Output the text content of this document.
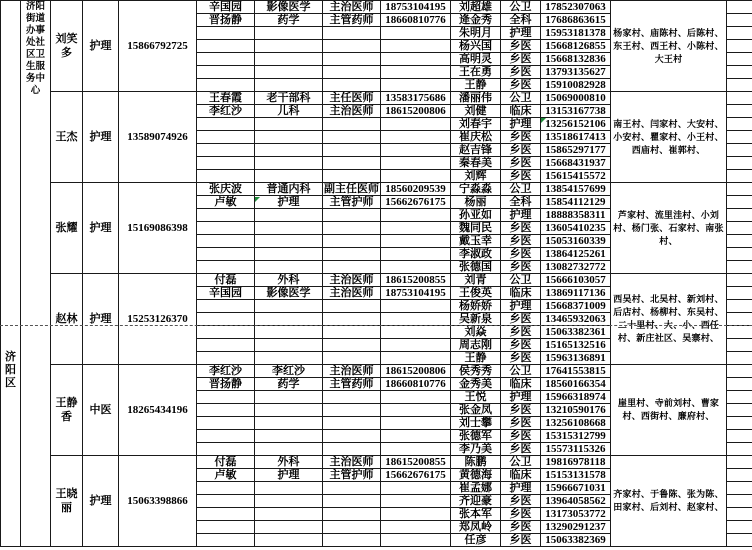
济阳区	济阳街道办事处社区卫生服务中心	刘笑多	护理	15866792725	辛国园	影像医学	主治医师	18753104195	刘超雄	公卫	17852307063	杨家村、庙陈村、后陈村、东王村、西王村、小陈村、大王村	
					晋扬静	药学	主管药师	18660810776	逄金秀	全科	17686863615		
									朱明月	护理	15953181378		
									杨兴国	乡医	15668126855		
									高明灵	乡医	15668132836		
									王在勇	乡医	13793135627		
									王静	乡医	15910082928		
		王杰	护理	13589074926	王春霞	老干部科	主任医师	13583175686	潘丽伟	公卫	15069000810	南王村、闫家村、大安村、小安村、瞿家村、小王村、西庙村、崔郭村、	
					李红沙	儿科	主治医师	18615200806	刘健	临床	13153167738		
									刘春宇	护理	13256152106		
									崔庆松	乡医	13518617413		
									赵吉锋	乡医	15865297177		
									秦春美	乡医	15668431937		
									刘辉	乡医	15615415572		
		张耀	护理	15169086398	张庆波	普通内科	副主任医师	18560209539	宁淼淼	公卫	13854157699	芦家村、流里洼村、小刘村、杨门张、石家村、南张村、	
					卢敏	护理	主管护师	15662676175	杨丽	全科	15854112129		
									孙亚如	护理	18888358311		
									魏同民	乡医	13605410235		
									戴玉幸	乡医	15053160339		
									李淑政	乡医	13864125261		
									张德国	乡医	13082732772		
		赵林	护理	15253126370	付磊	外科	主治医师	18615200855	刘青	公卫	15666103057	西吴村、北吴村、新刘村、后店村、杨柳村、东吴村、二十里村、大、小、西任村、新庄社区、吴寨村、	
					辛国园	影像医学	主治医师	18753104195	王俊英	临床	13869117136		
									杨娇娇	护理	15668371009		
									吴新泉	乡医	13465932063		
									刘焱	乡医	15063382361		
									周志刚	乡医	15165132516		
									王静	乡医	15963136891		
		王静香	中医	18265434196	李红沙	李红沙	主治医师	18615200806	侯秀秀	公卫	17641553815	崖里村、寺前刘村、曹家村、西街村、廉府村、	
					晋扬静	药学	主管药师	18660810776	金秀美	临床	18560166354		
									王悦	护理	15966318974		
									张金凤	乡医	13210590176		
									刘士攀	乡医	13256108668		
									张德军	乡医	15315312799		
									李乃美	乡医	15573115326		
		王晓丽	护理	15063398866	付磊	外科	主治医师	18615200855	陈鹏	公卫	19816978118	齐家村、于鲁陈、张为陈、田家村、后刘村、赵家村、	
					卢敏	护理	主管护师	15662676175	黄德海	临床	15153131578		
									崔孟娜	护理	15966671031		
									齐迎豪	乡医	13964058562		
									张本军	乡医	13173053772		
									郑凤岭	乡医	13290291237		
									任彦	乡医	15063382369		
